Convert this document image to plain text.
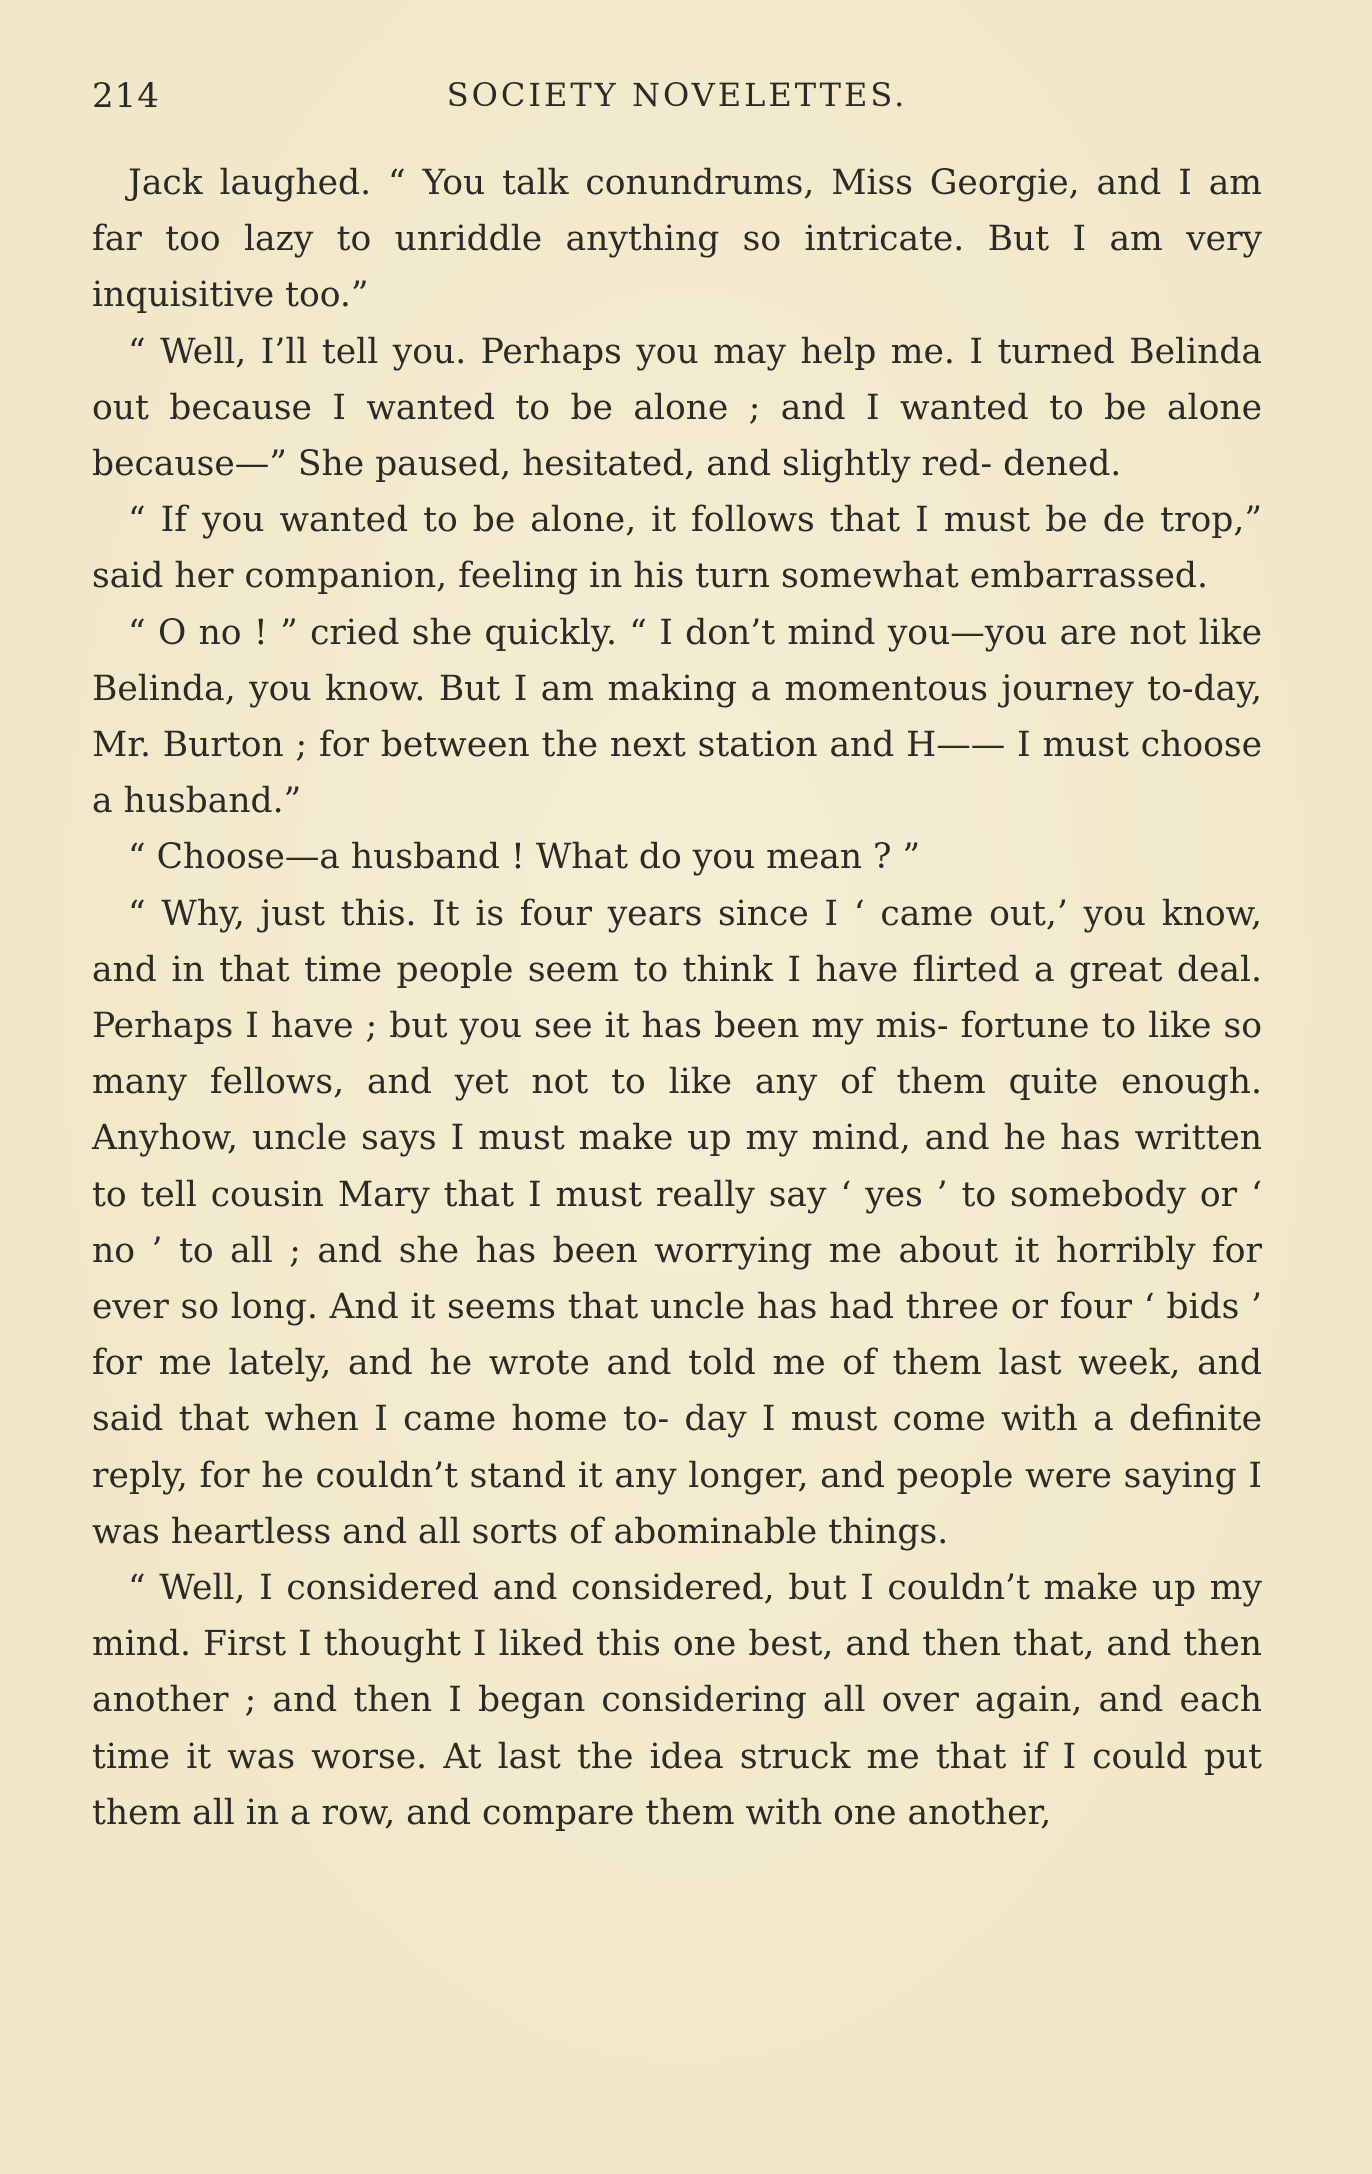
214	SOCIETY NOVELETTES.

Jack laughed. “ You talk conundrums, Miss Georgie, and I am far too lazy to unriddle anything so intricate. But I am very inquisitive too.”

“ Well, I’ll tell you. Perhaps you may help me. I turned Belinda out because I wanted to be alone ; and I wanted to be alone because—” She paused, hesitated, and slightly red- dened.

“ If you wanted to be alone, it follows that I must be de trop,” said her companion, feeling in his turn somewhat embarrassed.

“ O no ! ” cried she quickly. “ I don’t mind you—you are not like Belinda, you know. But I am making a momentous journey to-day, Mr. Burton ; for between the next station and H—— I must choose a husband.”

“ Choose—a husband ! What do you mean ? ”

“ Why, just this. It is four years since I ‘ came out,’ you know, and in that time people seem to think I have flirted a great deal. Perhaps I have ; but you see it has been my mis- fortune to like so many fellows, and yet not to like any of them quite enough. Anyhow, uncle says I must make up my mind, and he has written to tell cousin Mary that I must really say ‘ yes ’ to somebody or ‘ no ’ to all ; and she has been worrying me about it horribly for ever so long. And it seems that uncle has had three or four ‘ bids ’ for me lately, and he wrote and told me of them last week, and said that when I came home to- day I must come with a definite reply, for he couldn’t stand it any longer, and people were saying I was heartless and all sorts of abominable things.

“ Well, I considered and considered, but I couldn’t make up my mind. First I thought I liked this one best, and then that, and then another ; and then I began considering all over again, and each time it was worse. At last the idea struck me that if I could put them all in a row, and compare them with one another,
